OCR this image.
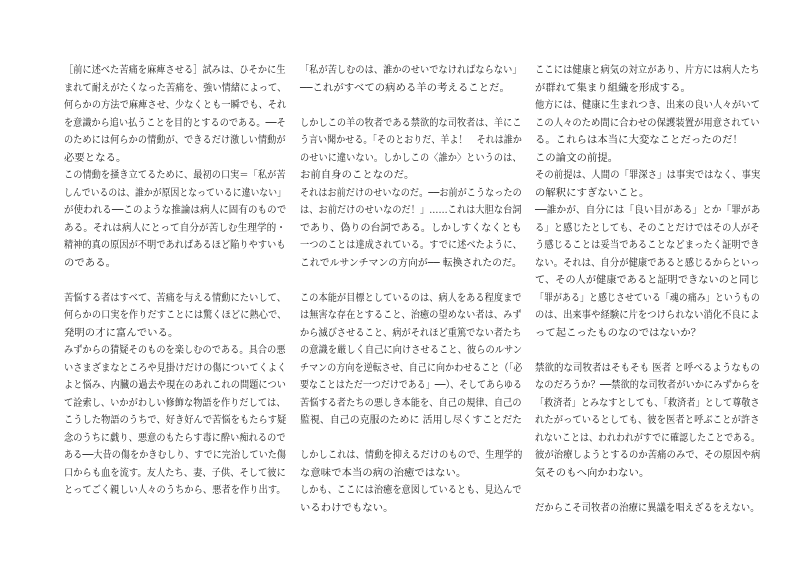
［前に述べた苦痛を麻痺させる］試みは、ひそかに生
まれて耐えがたくなった苦痛を、強い情緒によって、
何らかの方法で麻痺させ、少なくとも一瞬でも、それ
を意識から追い払うことを目的とするのである。──そ
のためには何らかの情動が、できるだけ激しい情動が
必要となる。
この情動を掻き立てるために、最初の口実＝「私が苦
しんでいるのは、誰かが原因となっているに違いない」
が使われる──このような推論は病人に固有のもので
ある。それは病人にとって自分が苦しむ生理学的・
精神的真の原因が不明であればあるほど陥りやすいも
のである。
苦悩する者はすべて、苦痛を与える情動にたいして、
何らかの口実を作りだすことには驚くほどに熱心で、
発明の才に富んでいる。
みずからの猜疑そのものを楽しむのである。具合の悪
いさまざまなところや見掛けだけの傷についてくよく
よと悩み、内臓の過去や現在のあれこれの問題につい
て詮索し、いかがわしい修飾な物語を作りだしては、
こうした物語のうちで、好き好んで苦悩をもたらす疑
念のうちに戯り、悪意のもたらす毒に酔い痴れるので
ある──大昔の傷をかきむしり、すでに完治していた傷
口からも血を流す。友人たち、妻、子供、そして彼に
とってごく親しい人々のうちから、悪者を作り出す。
「私が苦しむのは、誰かのせいでなければならない」
──これがすべての病める羊の考えることだ。
しかしこの羊の牧者である禁欲的な司牧者は、羊にこ
う言い聞かせる。「そのとおりだ、羊よ！　それは誰か
のせいに違いない。しかしこの〈誰か〉というのは、
お前自身のことなのだ。
それはお前だけのせいなのだ。──お前がこうなったの
は、お前だけのせいなのだ！」……これは大胆な台詞
であり、偽りの台詞である。しかしすくなくとも
一つのことは達成されている。すでに述べたように、
これでルサンチマンの方向が── 転換されたのだ。
この本能が目標としているのは、病人をある程度まで
は無害な存在とすること、治癒の望めない者は、みず
から滅びさせること、病がそれほど重篤でない者たち
の意識を厳しく自己に向けさせること、彼らのルサン
チマンの方向を逆転させ、自己に向かわせること（「必
要なことはただ一つだけである」──）、そしてあらゆる
苦悩する者たちの悪しき本能を、自己の規律、自己の
監視、自己の克服のために 活用し尽くすことだた
しかしこれは、情動を抑えるだけのもので、生理学的
な意味で本当の病の治癒ではない。
しかも、ここには治癒を意図しているとも、見込んで
いるわけでもない。
ここには健康と病気の対立があり、片方には病人たち
が群れて集まり組織を形成する。
他方には、健康に生まれつき、出来の良い人々がいて
この人々のため間に合わせの保護装置が用意されてい
る。これらは本当に大変なことだったのだ！
この論文の前提。
その前提は、人間の「罪深さ」は事実ではなく、事実
の解釈にすぎないこと。
──誰かが、自分には「良い目がある」とか「罪があ
る」と感じたとしても、そのことだけではその人がそ
う感じることは妥当であることなどまったく証明でき
ない。それは、自分が健康であると感じるからといっ
て、その人が健康であると証明できないのと同じ
「罪がある」と感じさせている「魂の痛み」というもの
のは、出来事や経験に片をつけられない消化不良によ
って起こったものなのではないか？
禁欲的な司牧者はそもそも 医者 と呼べるようなもの
なのだろうか？──禁欲的な司牧者がいかにみずからを
「救済者」とみなすとしても、「救済者」として尊敬さ
れたがっているとしても、彼を医者と呼ぶことが許さ
れないことは、われわれがすでに確認したことである。
彼が治療しようとするのか苦痛のみで、その原因や病
気そのもへ向かわない。
だからこそ司牧者の治療に異議を唱えざるをえない。
